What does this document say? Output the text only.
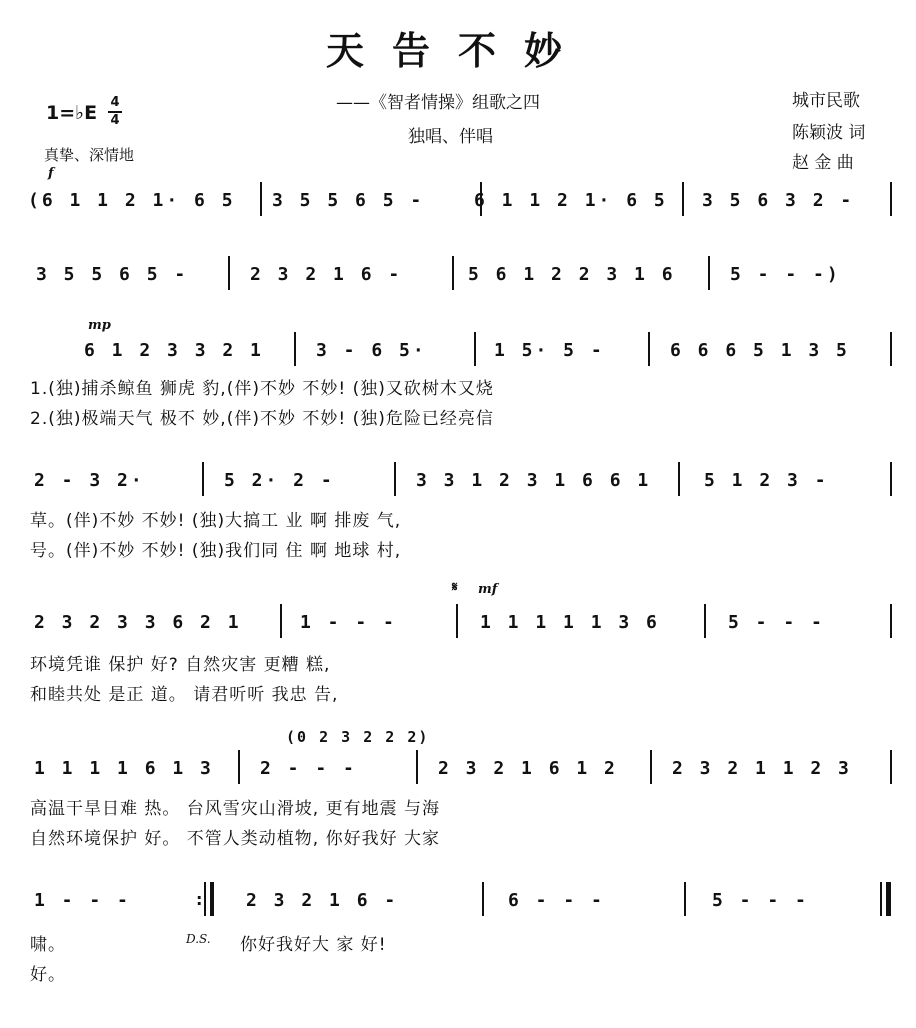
天告不妙
——《智者情操》组歌之四
独唱、伴唱
1=♭E 4
4
真挚、深情地
城市民歌
陈颖波 词
赵 金 曲
f
(6 1 1 2 1· 6 5 3 5 5 6 5 -	6 1 1 2 1· 6 5 3 5 6 3 2 -
3 5 5 6 5 -	2 3 2 1 6 -	5 6 1 2 2 3 1 6	5 - - -)
mp
6 1 2 3 3 2 1	3 - 6 5·	1 5· 5 -	6 6 6 5 1 3 5
1.(独)捕杀鲸鱼 狮虎 豹,(伴)不妙 不妙! (独)又砍树木又烧
2.(独)极端天气 极不 妙,(伴)不妙 不妙! (独)危险已经亮信
2 - 3 2·	5 2· 2 -	3 3 1 2 3 1 6 6 1	5 1 2 3 -
草。(伴)不妙 不妙! (独)大搞工 业 啊 排废 气,
号。(伴)不妙 不妙! (独)我们同 住 啊 地球 村,
𝄋 mf
2 3 2 3 3 6 2 1	1 - - -	1 1 1 1 1 3 6	5 - - -
环境凭谁 保护 好? 自然灾害 更糟 糕,
和睦共处 是正 道。 请君听听 我忠 告,
(0 2 3 2 2 2)
1 1 1 1 6 1 3	2 - - -	2 3 2 1 6 1 2	2 3 2 1 1 2 3
高温干旱日难 热。 台风雪灾山滑坡, 更有地震 与海
自然环境保护 好。 不管人类动植物, 你好我好 大家
1 - - -	: 2 3 2 1 6 -	6 - - -	5 - - -
啸。	D.S. 你好我好大 家 好!
好。
